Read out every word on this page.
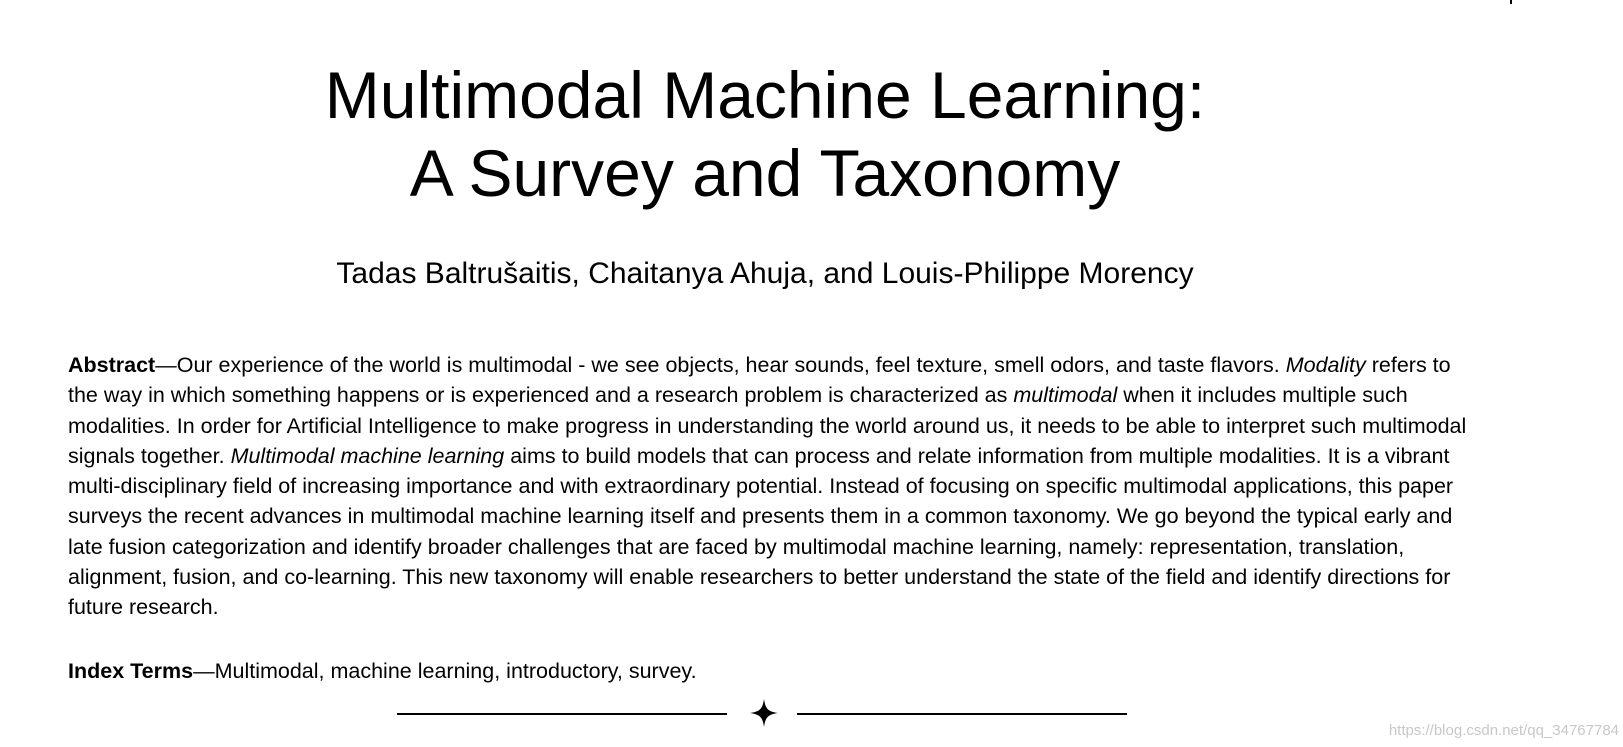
Multimodal Machine Learning:
A Survey and Taxonomy
Tadas Baltrušaitis, Chaitanya Ahuja, and Louis-Philippe Morency

Abstract—Our experience of the world is multimodal - we see objects, hear sounds, feel texture, smell odors, and taste flavors. Modality refers to the way in which something happens or is experienced and a research problem is characterized as multimodal when it includes multiple such modalities. In order for Artificial Intelligence to make progress in understanding the world around us, it needs to be able to interpret such multimodal signals together. Multimodal machine learning aims to build models that can process and relate information from multiple modalities. It is a vibrant multi-disciplinary field of increasing importance and with extraordinary potential. Instead of focusing on specific multimodal applications, this paper surveys the recent advances in multimodal machine learning itself and presents them in a common taxonomy. We go beyond the typical early and late fusion categorization and identify broader challenges that are faced by multimodal machine learning, namely: representation, translation, alignment, fusion, and co-learning. This new taxonomy will enable researchers to better understand the state of the field and identify directions for future research.

Index Terms—Multimodal, machine learning, introductory, survey.

https://blog.csdn.net/qq_34767784
